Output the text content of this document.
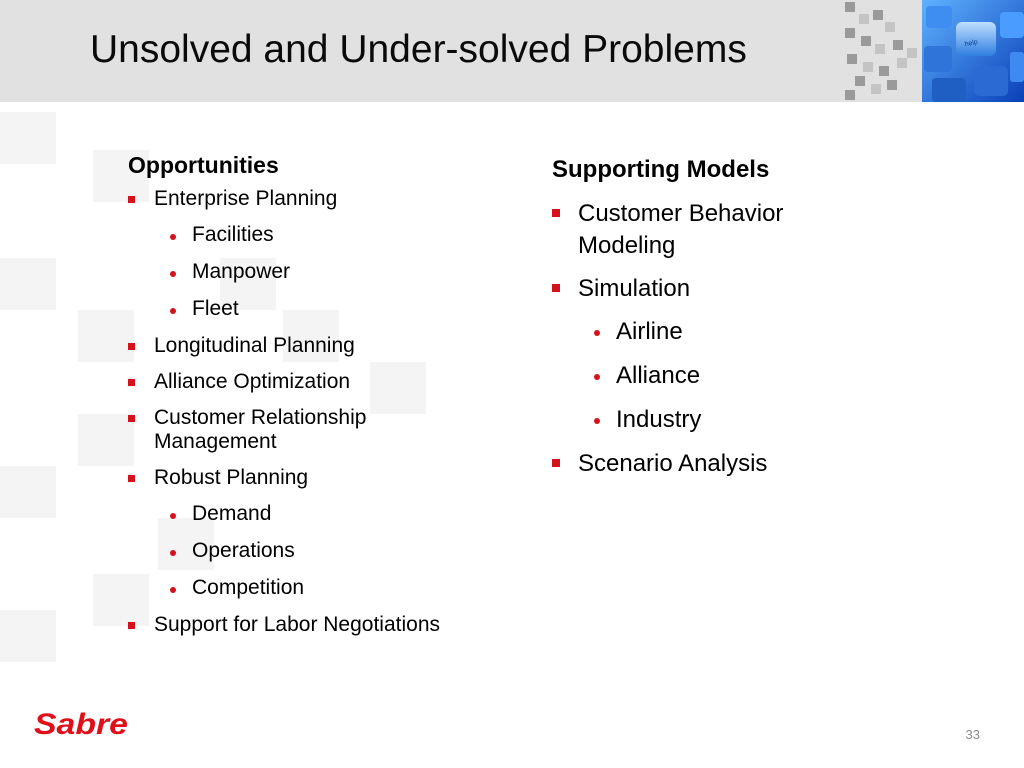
Unsolved and Under-solved Problems	help
Opportunities
Enterprise Planning
Facilities
Manpower
Fleet
Longitudinal Planning
Alliance Optimization
Customer Relationship Management
Robust Planning
Demand
Operations
Competition
Support for Labor Negotiations
Supporting Models
Customer Behavior Modeling
Simulation
Airline
Alliance
Industry
Scenario Analysis
Sabre	33
